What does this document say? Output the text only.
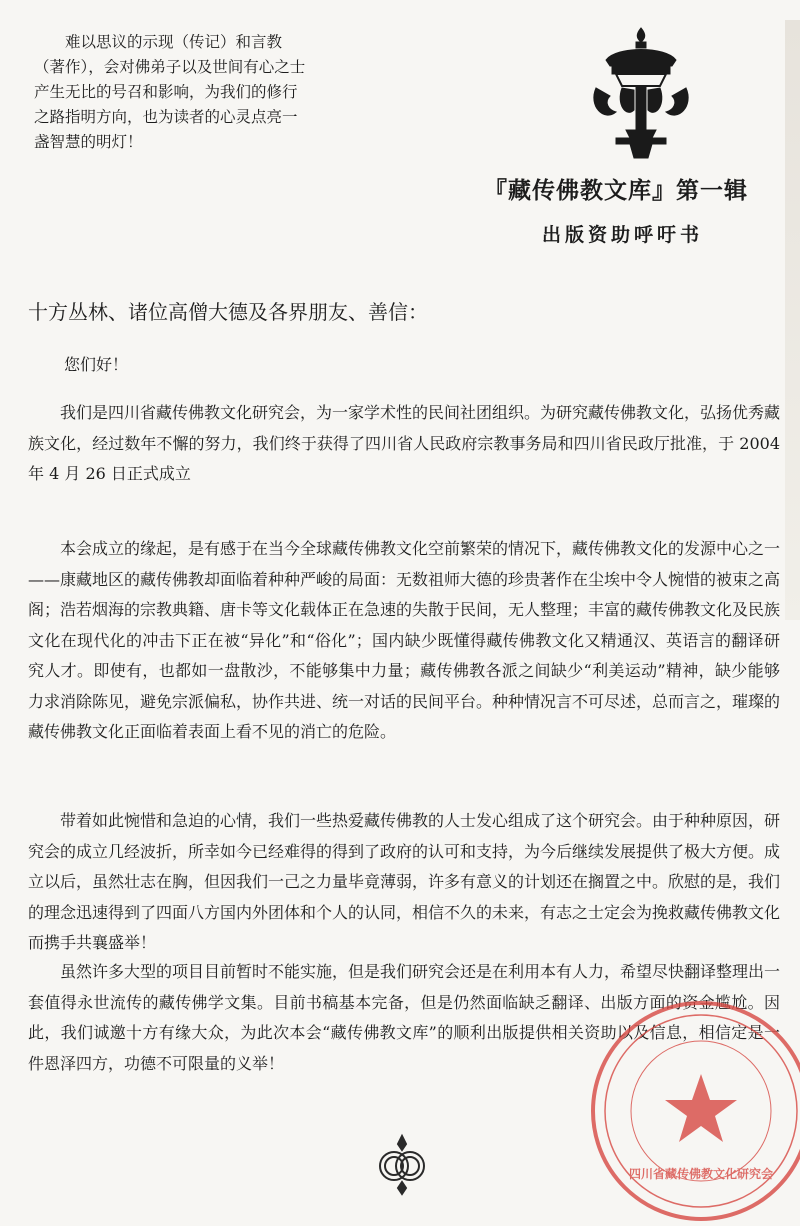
难以思议的示现（传记）和言教（著作），会对佛弟子以及世间有心之士产生无比的号召和影响，为我们的修行之路指明方向，也为读者的心灵点亮一盏智慧的明灯！

『藏传佛教文库』第一辑
出版资助呼吁书
十方丛林、诸位高僧大德及各界朋友、善信：
您们好！

我们是四川省藏传佛教文化研究会，为一家学术性的民间社团组织。为研究藏传佛教文化，弘扬优秀藏族文化，经过数年不懈的努力，我们终于获得了四川省人民政府宗教事务局和四川省民政厅批准，于 2004 年 4 月 26 日正式成立

本会成立的缘起，是有感于在当今全球藏传佛教文化空前繁荣的情况下，藏传佛教文化的发源中心之一——康藏地区的藏传佛教却面临着种种严峻的局面：无数祖师大德的珍贵著作在尘埃中令人惋惜的被束之高阁；浩若烟海的宗教典籍、唐卡等文化载体正在急速的失散于民间，无人整理；丰富的藏传佛教文化及民族文化在现代化的冲击下正在被“异化”和“俗化”；国内缺少既懂得藏传佛教文化又精通汉、英语言的翻译研究人才。即使有，也都如一盘散沙，不能够集中力量；藏传佛教各派之间缺少“利美运动”精神，缺少能够力求消除陈见，避免宗派偏私，协作共进、统一对话的民间平台。种种情况言不可尽述，总而言之，璀璨的藏传佛教文化正面临着表面上看不见的消亡的危险。

带着如此惋惜和急迫的心情，我们一些热爱藏传佛教的人士发心组成了这个研究会。由于种种原因，研究会的成立几经波折，所幸如今已经难得的得到了政府的认可和支持，为今后继续发展提供了极大方便。成立以后，虽然壮志在胸，但因我们一己之力量毕竟薄弱，许多有意义的计划还在搁置之中。欣慰的是，我们的理念迅速得到了四面八方国内外团体和个人的认同，相信不久的未来，有志之士定会为挽救藏传佛教文化而携手共襄盛举！

虽然许多大型的项目目前暂时不能实施，但是我们研究会还是在利用本有人力，希望尽快翻译整理出一套值得永世流传的藏传佛学文集。目前书稿基本完备，但是仍然面临缺乏翻译、出版方面的资金尴尬。因此，我们诚邀十方有缘大众，为此次本会“藏传佛教文库”的顺利出版提供相关资助以及信息，相信定是一件恩泽四方，功德不可限量的义举！

四川省藏传佛教文化研究会
